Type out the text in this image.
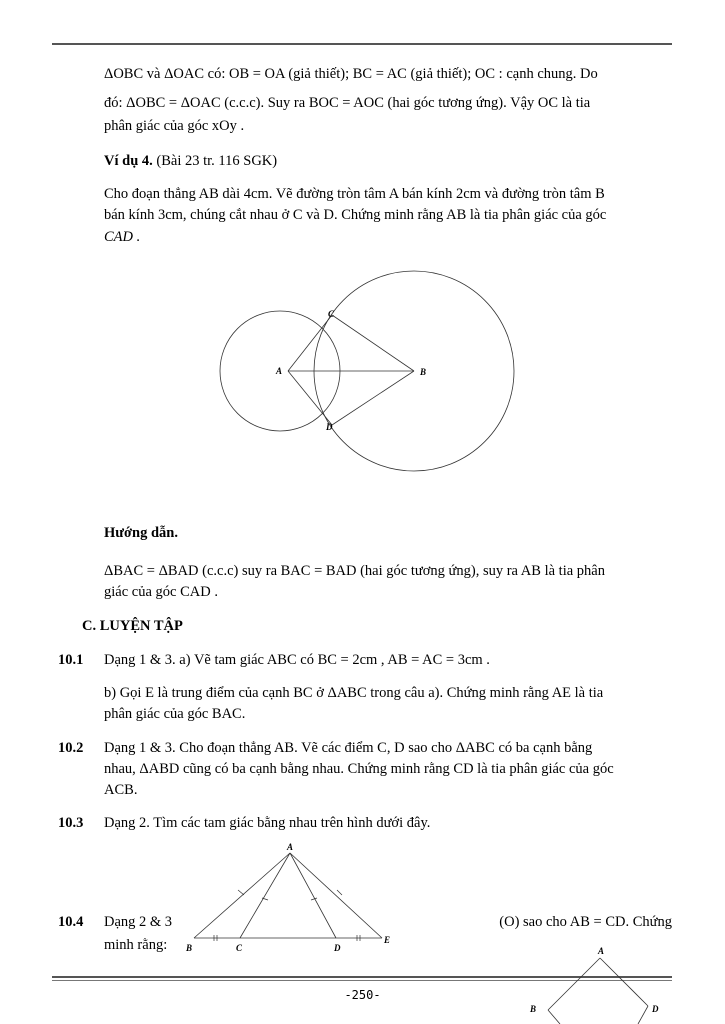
ΔOBC và ΔOAC có: OB = OA (giả thiết); BC = AC (giả thiết); OC : cạnh chung. Do
đó: ΔOBC = ΔOAC (c.c.c). Suy ra BOC = AOC (hai góc tương ứng). Vậy OC là tia
phân giác của góc xOy .
Ví dụ 4. (Bài 23 tr. 116 SGK)
Cho đoạn thẳng AB dài 4cm. Vẽ đường tròn tâm A bán kính 2cm và đường tròn tâm B
bán kính 3cm, chúng cắt nhau ở C và D. Chứng minh rằng AB là tia phân giác của góc
CAD .
A	B
C
D
Hướng dẫn.
ΔBAC = ΔBAD (c.c.c) suy ra BAC = BAD (hai góc tương ứng), suy ra AB là tia phân
giác của góc CAD .
C. LUYỆN TẬP
10.1 Dạng 1 & 3. a) Vẽ tam giác ABC có BC = 2cm , AB = AC = 3cm .
b) Gọi E là trung điểm của cạnh BC ở ΔABC trong câu a). Chứng minh rằng AE là tia
phân giác của góc BAC.
10.2 Dạng 1 & 3. Cho đoạn thẳng AB. Vẽ các điểm C, D sao cho ΔABC có ba cạnh bằng
nhau, ΔABD cũng có ba cạnh bằng nhau. Chứng minh rằng CD là tia phân giác của góc
ACB.
10.3 Dạng 2. Tìm các tam giác bằng nhau trên hình dưới đây.
10.4 Dạng 2 & 3	(O) sao cho AB = CD. Chứng
minh rằng:
A
B	C	D
E
-250-
A
B	D
